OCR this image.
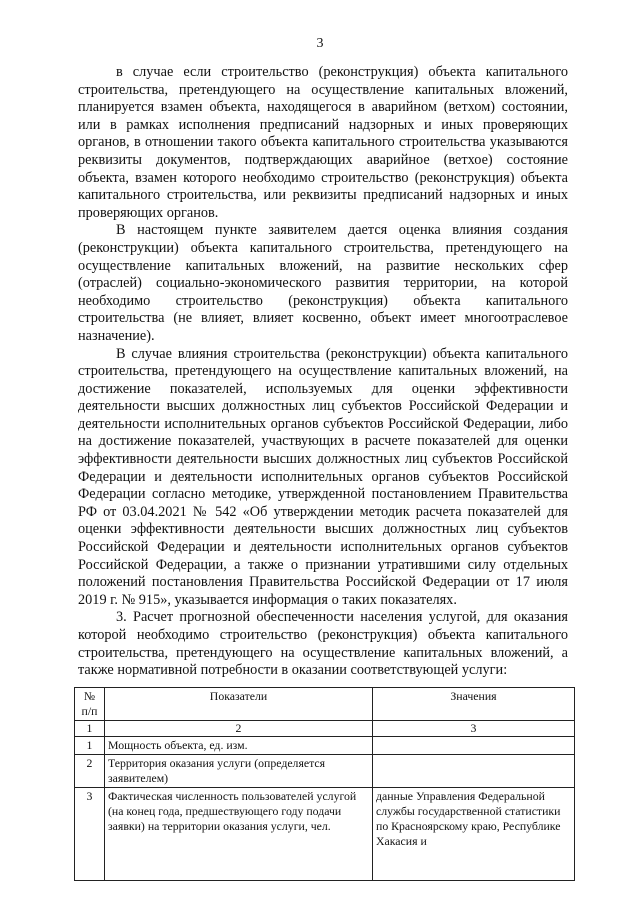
3

в случае если строительство (реконструкция) объекта капитального строительства, претендующего на осуществление капитальных вложений, планируется взамен объекта, находящегося в аварийном (ветхом) состоянии, или в рамках исполнения предписаний надзорных и иных проверяющих органов, в отношении такого объекта капитального строительства указываются реквизиты документов, подтверждающих аварийное (ветхое) состояние объекта, взамен которого необходимо строительство (реконструкция) объекта капитального строительства, или реквизиты предписаний надзорных и иных проверяющих органов.

В настоящем пункте заявителем дается оценка влияния создания (реконструкции) объекта капитального строительства, претендующего на осуществление капитальных вложений, на развитие нескольких сфер (отраслей) социально-экономического развития территории, на которой необходимо строительство (реконструкция) объекта капитального строительства (не влияет, влияет косвенно, объект имеет многоотраслевое назначение).

В случае влияния строительства (реконструкции) объекта капитального строительства, претендующего на осуществление капитальных вложений, на достижение показателей, используемых для оценки эффективности деятельности высших должностных лиц субъектов Российской Федерации и деятельности исполнительных органов субъектов Российской Федерации, либо на достижение показателей, участвующих в расчете показателей для оценки эффективности деятельности высших должностных лиц субъектов Российской Федерации и деятельности исполнительных органов субъектов Российской Федерации согласно методике, утвержденной постановлением Правительства РФ от 03.04.2021 № 542 «Об утверждении методик расчета показателей для оценки эффективности деятельности высших должностных лиц субъектов Российской Федерации и деятельности исполнительных органов субъектов Российской Федерации, а также о признании утратившими силу отдельных положений постановления Правительства Российской Федерации от 17 июля 2019 г. № 915», указывается информация о таких показателях.

3. Расчет прогнозной обеспеченности населения услугой, для оказания которой необходимо строительство (реконструкция) объекта капитального строительства, претендующего на осуществление капитальных вложений, а также нормативной потребности в оказании соответствующей услуги:

№
п/п	Показатели	Значения
1	2	3
1	Мощность объекта, ед. изм.	
2	Территория оказания услуги (определяется заявителем)	
3	Фактическая численность пользователей услугой (на конец года, предшествующего году подачи заявки) на территории оказания услуги, чел.	данные Управления Федеральной службы государственной статистики по Красноярскому краю, Республике Хакасия и
